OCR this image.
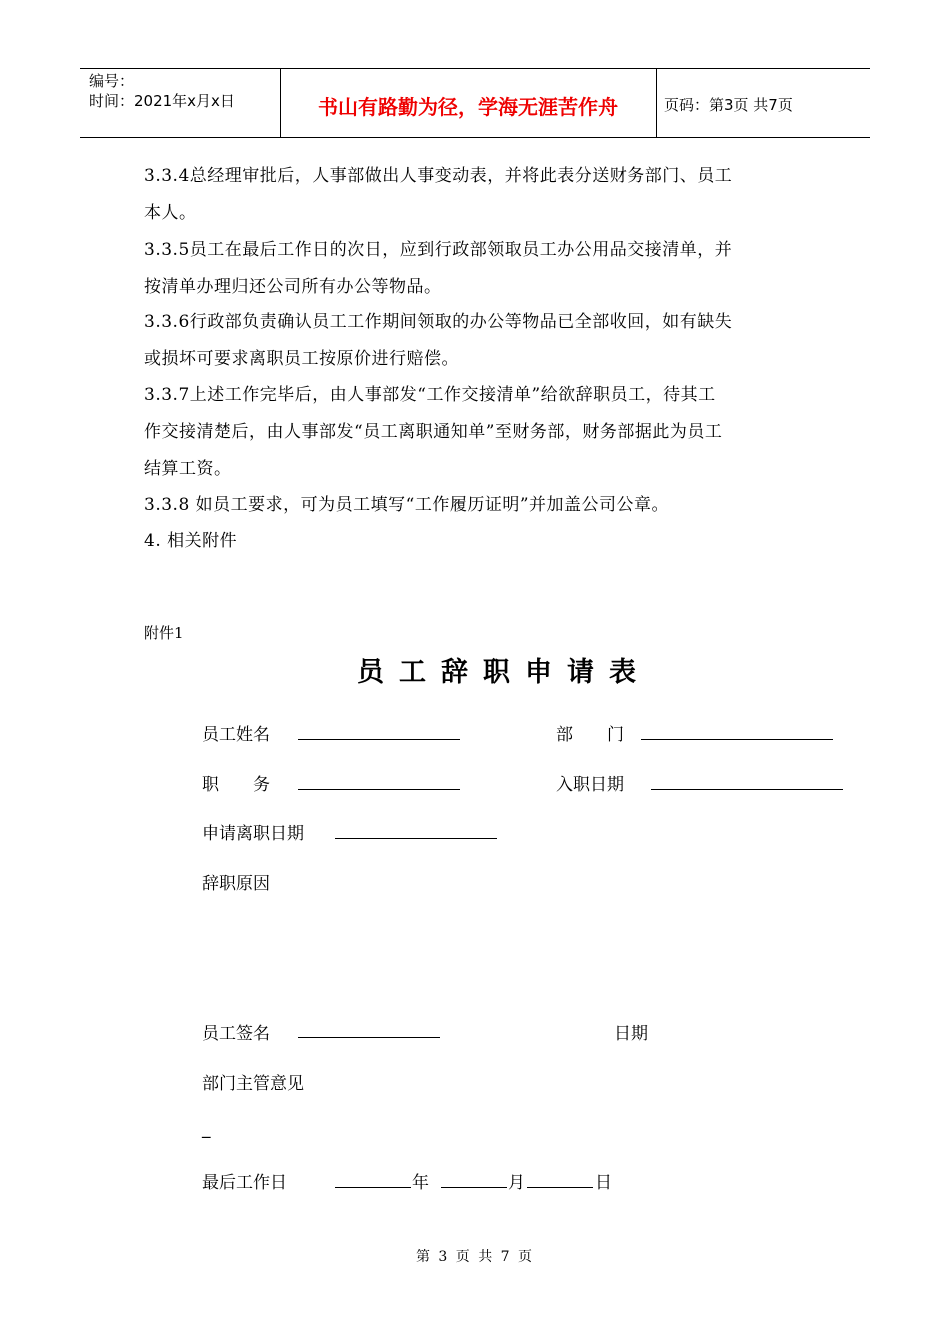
编号：
时间：2021年x月x日	书山有路勤为径，学海无涯苦作舟	页码：第3页 共7页
3.3.4总经理审批后，人事部做出人事变动表，并将此表分送财务部门、员工
本人。
3.3.5员工在最后工作日的次日，应到行政部领取员工办公用品交接清单，并
按清单办理归还公司所有办公等物品。
3.3.6行政部负责确认员工工作期间领取的办公等物品已全部收回，如有缺失
或损坏可要求离职员工按原价进行赔偿。
3.3.7上述工作完毕后，由人事部发“工作交接清单”给欲辞职员工，待其工
作交接清楚后，由人事部发“员工离职通知单”至财务部，财务部据此为员工
结算工资。
3.3.8 如员工要求，可为员工填写“工作履历证明”并加盖公司公章。
4. 相关附件
附件1
员工辞职申请表
员工姓名	部　　门
职　　务	入职日期
申请离职日期
辞职原因
员工签名	日期
部门主管意见
_
最后工作日	年	月	日
第 3 页 共 7 页
